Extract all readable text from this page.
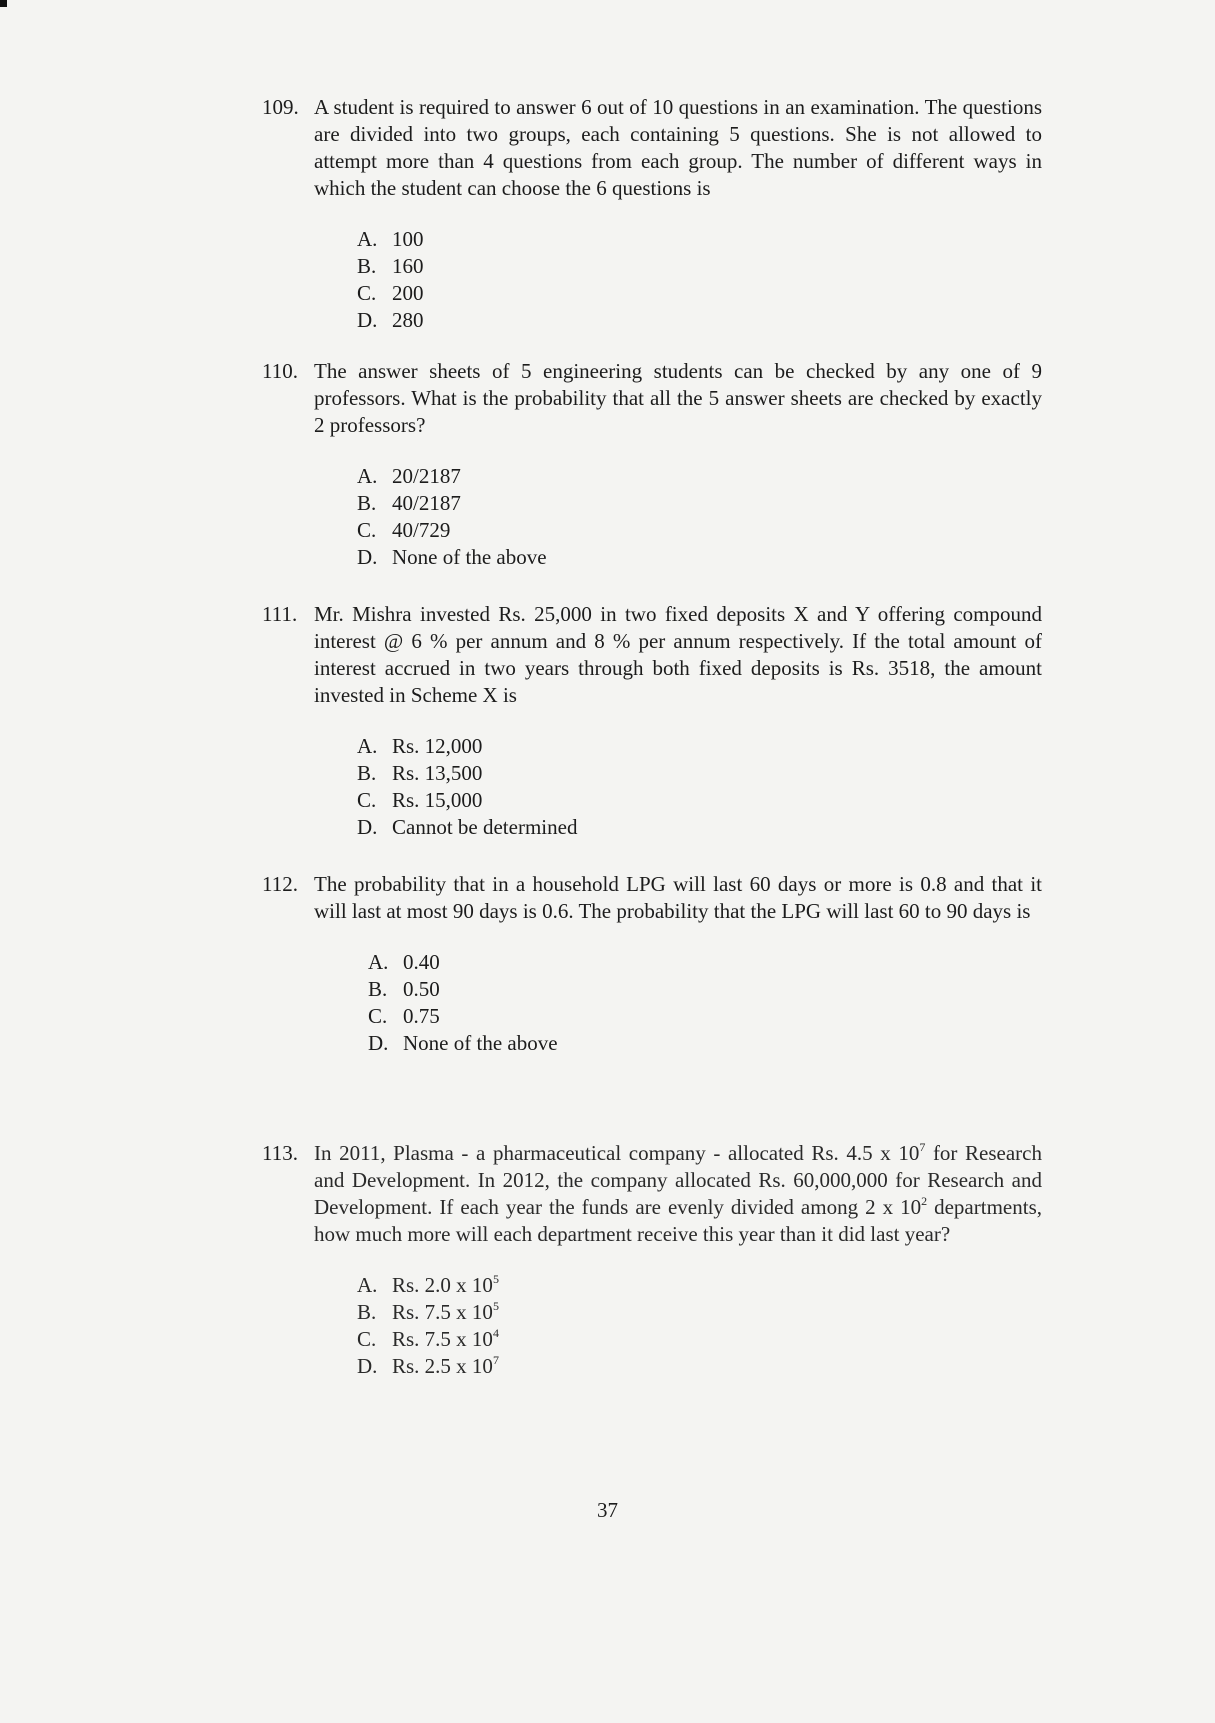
109. A student is required to answer 6 out of 10 questions in an examination. The questions are divided into two groups, each containing 5 questions. She is not allowed to attempt more than 4 questions from each group. The number of different ways in which the student can choose the 6 questions is
A. 100
B. 160
C. 200
D. 280
110. The answer sheets of 5 engineering students can be checked by any one of 9 professors. What is the probability that all the 5 answer sheets are checked by exactly 2 professors?
A. 20/2187
B. 40/2187
C. 40/729
D. None of the above
111. Mr. Mishra invested Rs. 25,000 in two fixed deposits X and Y offering compound interest @ 6 % per annum and 8 % per annum respectively. If the total amount of interest accrued in two years through both fixed deposits is Rs. 3518, the amount invested in Scheme X is
A. Rs. 12,000
B. Rs. 13,500
C. Rs. 15,000
D. Cannot be determined
112. The probability that in a household LPG will last 60 days or more is 0.8 and that it will last at most 90 days is 0.6. The probability that the LPG will last 60 to 90 days is
A. 0.40
B. 0.50
C. 0.75
D. None of the above
113. In 2011, Plasma - a pharmaceutical company - allocated Rs. 4.5 x $10^7$ for Research and Development. In 2012, the company allocated Rs. 60,000,000 for Research and Development. If each year the funds are evenly divided among 2 x $10^2$ departments, how much more will each department receive this year than it did last year?
A. Rs. 2.0 x $10^5$
B. Rs. 7.5 x $10^5$
C. Rs. 7.5 x $10^4$
D. Rs. 2.5 x $10^7$
37
